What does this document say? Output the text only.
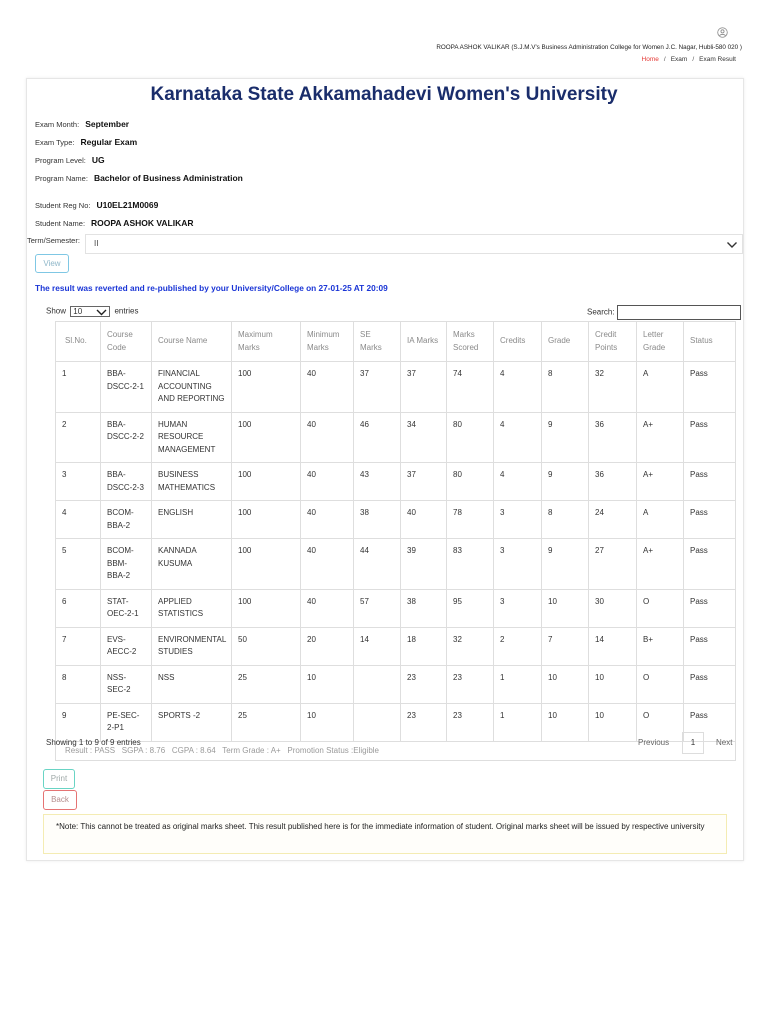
ROOPA ASHOK VALIKAR (S.J.M.V's Business Administration College for Women J.C. Nagar, Hubli-580 020 )
Home / Exam / Exam Result
Karnataka State Akkamahadevi Women's University
Exam Month: September
Exam Type: Regular Exam
Program Level: UG
Program Name: Bachelor of Business Administration
Student Reg No: U10EL21M0069
Student Name: ROOPA ASHOK VALIKAR
Term/Semester:	II
View
The result was reverted and re-published by your University/College on 27-01-25 AT 20:09
Show 10	entries	Search:
Sl.No.	Course Code	Course Name	Maximum Marks	Minimum Marks	SE Marks	IA Marks	Marks Scored	Credits	Grade	Credit Points	Letter Grade	Status
1	BBA-DSCC-2-1	FINANCIAL ACCOUNTING AND REPORTING	100	40	37	37	74	4	8	32	A	Pass
2	BBA-DSCC-2-2	HUMAN RESOURCE MANAGEMENT	100	40	46	34	80	4	9	36	A+	Pass
3	BBA-DSCC-2-3	BUSINESS MATHEMATICS	100	40	43	37	80	4	9	36	A+	Pass
4	BCOM-BBA-2	ENGLISH	100	40	38	40	78	3	8	24	A	Pass
5	BCOM-BBM-BBA-2	KANNADA KUSUMA	100	40	44	39	83	3	9	27	A+	Pass
6	STAT-OEC-2-1	APPLIED STATISTICS	100	40	57	38	95	3	10	30	O	Pass
7	EVS-AECC-2	ENVIRONMENTAL STUDIES	50	20	14	18	32	2	7	14	B+	Pass
8	NSS-SEC-2	NSS	25	10		23	23	1	10	10	O	Pass
9	PE-SEC-2-P1	SPORTS -2	25	10		23	23	1	10	10	O	Pass
Result : PASS   SGPA : 8.76   CGPA : 8.64   Term Grade : A+   Promotion Status :Eligible												
Showing 1 to 9 of 9 entries	Previous	1	Next
Print
Back
*Note: This cannot be treated as original marks sheet. This result published here is for the immediate information of student. Original marks sheet will be issued by respective university
